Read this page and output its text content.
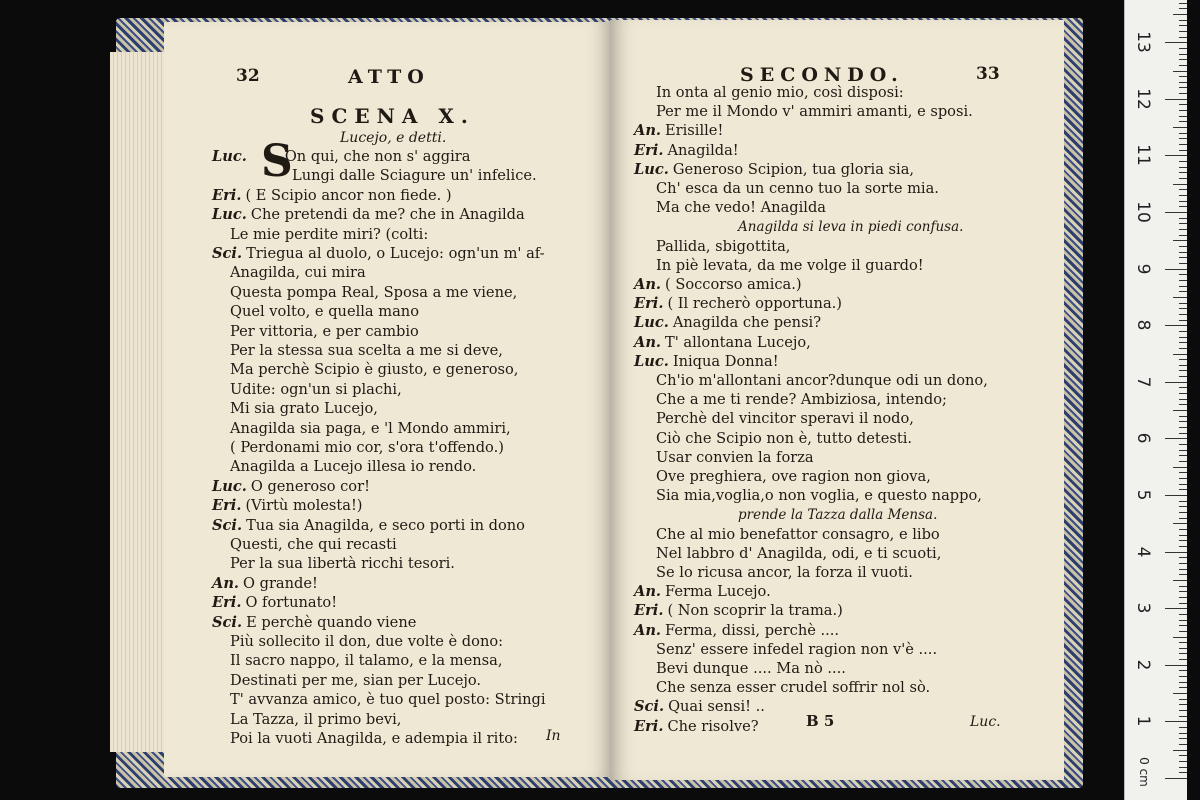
32	ATTO
SCENA X.
Lucejo, e detti.
S
Luc.	On qui, che non s' aggira
Lungi dalle Sciagure un' infelice.
Eri. ( E Scipio ancor non fiede. )
Luc. Che pretendi da me? che in Anagilda
Le mie perdite miri? (colti:
Sci. Triegua al duolo, o Lucejo: ogn'un m' af-
Anagilda, cui mira
Questa pompa Real, Sposa a me viene,
Quel volto, e quella mano
Per vittoria, e per cambio
Per la stessa sua scelta a me si deve,
Ma perchè Scipio è giusto, e generoso,
Udite: ogn'un si plachi,
Mi sia grato Lucejo,
Anagilda sia paga, e 'l Mondo ammiri,
( Perdonami mio cor, s'ora t'offendo.)
Anagilda a Lucejo illesa io rendo.
Luc. O generoso cor!
Eri. (Virtù molesta!)
Sci. Tua sia Anagilda, e seco porti in dono
Questi, che qui recasti
Per la sua libertà ricchi tesori.
An. O grande!
Eri. O fortunato!
Sci. E perchè quando viene
Più sollecito il don, due volte è dono:
Il sacro nappo, il talamo, e la mensa,
Destinati per me, sian per Lucejo.
T' avvanza amico, è tuo quel posto: Stringi
La Tazza, il primo bevi,
Poi la vuoti Anagilda, e adempia il rito: In
SECONDO.	33
In onta al genio mio, così disposi:
Per me il Mondo v' ammiri amanti, e sposi.
An. Erisille!
Eri. Anagilda!
Luc. Generoso Scipion, tua gloria sia,
Ch' esca da un cenno tuo la sorte mia.
Ma che vedo! Anagilda
Anagilda si leva in piedi confusa.
Pallida, sbigottita,
In piè levata, da me volge il guardo!
An. ( Soccorso amica.)
Eri. ( Il recherò opportuna.)
Luc. Anagilda che pensi?
An. T' allontana Lucejo,
Luc. Iniqua Donna!
Ch'io m'allontani ancor?dunque odi un dono,
Che a me ti rende? Ambiziosa, intendo;
Perchè del vincitor speravi il nodo,
Ciò che Scipio non è, tutto detesti.
Usar convien la forza
Ove preghiera, ove ragion non giova,
Sia mia,voglia,o non voglia, e questo nappo,
prende la Tazza dalla Mensa.
Che al mio benefattor consagro, e libo
Nel labbro d' Anagilda, odi, e ti scuoti,
Se lo ricusa ancor, la forza il vuoti.
An. Ferma Lucejo.
Eri. ( Non scoprir la trama.)
An. Ferma, dissi, perchè ....
Senz' essere infedel ragion non v'è ....
Bevi dunque .... Ma nò ....
Che senza esser crudel soffrir nol sò.
Sci. Quai sensi! ..
Eri. Che risolve?	B 5	Luc.
0 cm
1
2
3
4
5
6
7
8
9
10
11
12
13
